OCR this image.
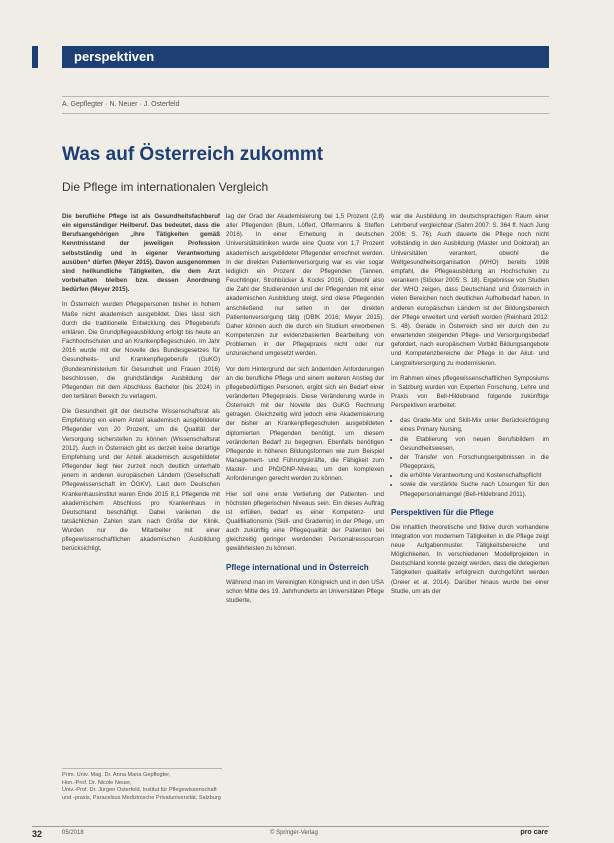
perspektiven
A. Gepflegter · N. Neuer · J. Osterfeld
Was auf Österreich zukommt
Die Pflege im internationalen Vergleich

Die berufliche Pflege ist als Gesundheitsfachberuf ein eigenständiger Heilberuf. Das bedeutet, dass die Berufsangehörigen „ihre Tätigkeiten gemäß Kenntnisstand der jeweiligen Profession selbstständig und in eigener Verantwortung ausüben“ dürfen (Meyer 2015). Davon ausgenommen sind heilkundliche Tätigkeiten, die dem Arzt vorbehalten bleiben bzw. dessen Anordnung bedürfen (Meyer 2015).

In Österreich wurden Pflegepersonen bisher in hohem Maße nicht akademisch ausgebildet. Dies lässt sich durch die traditionelle Entwicklung des Pflegeberufs erklären. Die Grundpflegeausbildung erfolgt bis heute an Fachhochschulen und an Krankenpflegeschulen. Im Jahr 2016 wurde mit der Novelle des Bundesgesetzes für Gesundheits- und Krankenpflegeberufe (GuKG) (Bundesministerium für Gesundheit und Frauen 2016) beschlossen, die grundständige Ausbildung der Pflegenden mit dem Abschluss Bachelor (bis 2024) in den tertiären Bereich zu verlagern.

Die Gesundheit gilt der deutsche Wissenschaftsrat als Empfehlung ein einem Anteil akademisch ausgebildeter Pflegender von 20 Prozent, um die Qualität der Versorgung sicherstellen zu können (Wissenschaftsrat 2012). Auch in Österreich gibt es derzeit keine derartige Empfehlung und der Anteil akademisch ausgebildeter Pflegender liegt hier zurzeit noch deutlich unterhalb jenem in anderen europäischen Ländern (Gesellschaft Pflegewissenschaft im ÖGKV). Laut dem Deutschen Krankenhausinstitut waren Ende 2015 8,1 Pflegende mit akademischem Abschluss pro Krankenhaus in Deutschland beschäftigt. Dabei variierten die tatsächlichen Zahlen stark nach Größe der Klinik. Wurden nur die Mitarbeiter mit einer pflegewissenschaftlichen akademischen Ausbildung berücksichtigt,

lag der Grad der Akademisierung bei 1,5 Prozent (2,8) aller Pflegenden (Blum, Löffert, Offermanns & Steffen 2016). In einer Erhebung in deutschen Universitätskliniken wurde eine Quote von 1,7 Prozent akademisch ausgebildeter Pflegender errechnet werden. In der direkten Patientenversorgung war es vier sogar lediglich ein Prozent der Pflegenden (Tannen, Feuchtinger, Strohbücker & Kocks 2016). Obwohl also die Zahl der Studierenden und der Pflegenden mit einer akademischen Ausbildung steigt, sind diese Pflegenden anschließend nur selten in der direkten Patientenversorgung tätig (DBfK 2016; Meyer 2015). Daher können auch die durch ein Studium erworbenen Kompetenzen zur evidenzbasierten Bearbeitung von Problemen in der Pflegepraxis nicht oder nur unzureichend umgesetzt werden.

Vor dem Hintergrund der sich ändernden Anforderungen an die berufliche Pflege und einem weiteren Anstieg der pflegebedürftigen Personen, ergibt sich ein Bedarf einer veränderten Pflegepraxis. Diese Veränderung wurde in Österreich mit der Novelle des GuKG Rechnung getragen. Gleichzeitig wird jedoch eine Akademisierung der bisher an Krankenpflegeschulen ausgebildeten diplomierten Pflegenden benötigt, um diesem veränderten Bedarf zu begegnen. Ebenfalls benötigen Pflegende in höheren Bildungsformen wie zum Beispiel Management- und Führungskräfte, die Fähigkeit zum Master- und PhD/DNP-Niveau, um den komplexen Anforderungen gerecht werden zu können.

Hier soll eine erste Vertiefung der Patienten- und höchsten pflegerischen Niveaus sein. Ein dieses Auftrag ist erfüllen, bedarf es einer Kompetenz- und Qualifikationsmix (Skill- und Grademix) in der Pflege, um auch zukünftig eine Pflegequalität der Patienten bei gleichzeitig geringer werdenden Personalressourcen gewährleisten zu können.

Pflege international und in Österreich

Während man im Vereinigten Königreich und in den USA schon Mitte des 19. Jahrhunderts an Universitäten Pflege studierte,

war die Ausbildung im deutschsprachigen Raum einer Lehrberuf vergleichbar (Sahm 2007: S. 364 ff. Nach Jung 2006: S. 76). Auch dauerte die Pflege noch nicht vollständig in den Ausbildung (Master und Doktorat) an Universitäten verankert, obwohl die Weltgesundheitsorganisation (WHO) bereits 1998 empfahl, die Pflegeausbildung an Hochschulen zu verankern (Stöcker 2005: S. 18). Ergebnisse von Studien der WHO zeigen, dass Deutschland und Österreich in vielen Bereichen noch deutlichen Aufholbedarf haben. In anderen europäischen Ländern ist der Bildungsbereich der Pflege erweitert und vertieft worden (Reinhard 2012: S. 48). Gerade in Österreich sind wir durch den zu erwartenden steigenden Pflege- und Versorgungsbedarf gefordert, nach europäischem Vorbild Bildungsangebote und Kompetenzbereiche der Pflege in der Akut- und Langzeitversorgung zu modernisieren.

Im Rahmen eines pflegewissenschaftlichen Symposiums in Salzburg wurden von Experten Forschung, Lehre und Praxis von Bell-Hildebrand folgende zukünftige Perspektiven erarbeitet:

• das Grade-Mix und Skill-Mix unter Berücksichtigung eines Primary Nursing,
• die Etablierung von neuen Berufsbildern im Gesundheitswesen,
• der Transfer von Forschungsergebnissen in die Pflegepraxis,
• die erhöhte Verantwortung und Kostenschaftspflicht
• sowie die verstärkte Suche nach Lösungen für den Pflegepersonalmangel (Bell-Hildebrand 2011).
Perspektiven für die Pflege

Die inhaltlich theoretische und fiktive durch vorhandene Integration von modernem Tätigkeiten in die Pflege zeigt neue Aufgabenmuster. Tätigkeitsbereiche und Möglichkeiten. In verschiedenen Modellprojekten in Deutschland konnte gezeigt werden, dass die delegierten Tätigkeiten qualitativ erfolgreich durchgeführt werden (Dreier et al. 2014). Darüber hinaus wurde bei einer Studie, um als der

Prim. Univ. Mag. Dr. Anna Maria Gepflegter,
Hon.-Prof. Dr. Nicole Neuer,
Univ.-Prof. Dr. Jürgen Osterfeld, Institut für Pflegewissenschaft und -praxis, Paracelsus Medizinische Privatuniversität, Salzburg
32	05/2018	© Springer-Verlag	pro care
